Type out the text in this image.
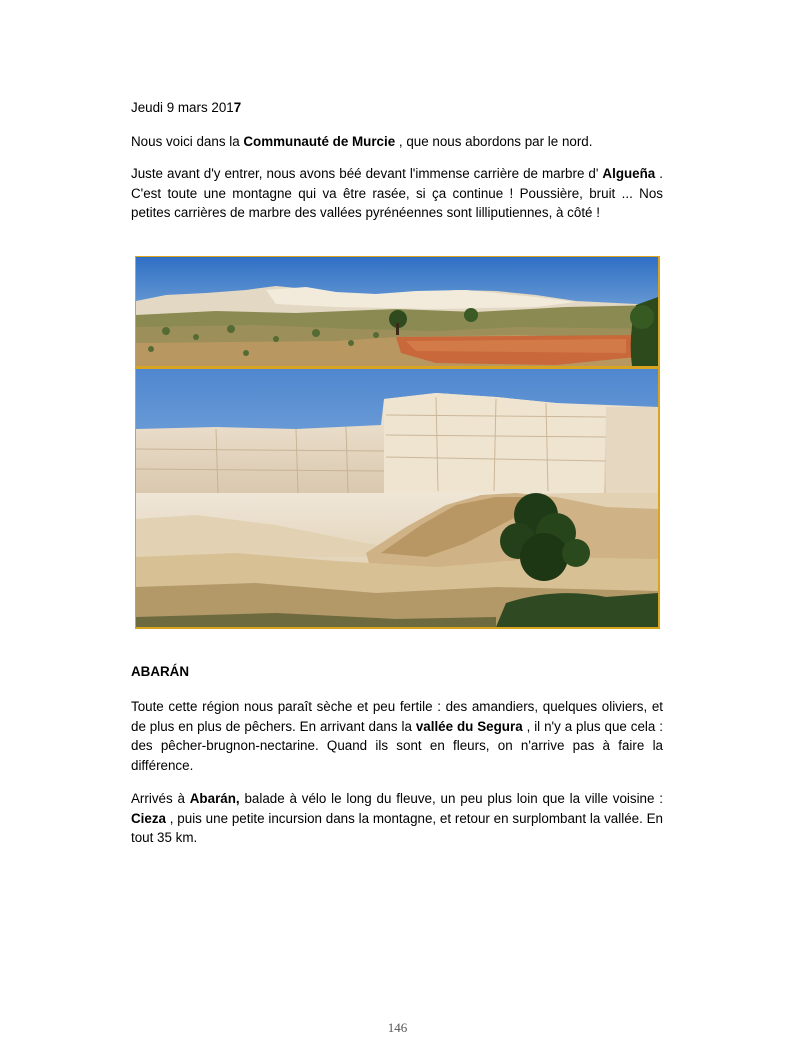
Jeudi 9 mars 2017

Nous voici dans la Communauté de Murcie , que nous abordons par le nord.

Juste avant d'y entrer, nous avons béé devant l'immense carrière de marbre d' Algueña . C'est toute une montagne qui va être rasée, si ça continue ! Poussière, bruit ... Nos petites carrières de marbre des vallées pyrénéennes sont lilliputiennes, à côté !

ABARÁN

Toute cette région nous paraît sèche et peu fertile : des amandiers, quelques oliviers, et de plus en plus de pêchers. En arrivant dans la vallée du Segura , il n'y a plus que cela : des pêcher-brugnon-nectarine. Quand ils sont en fleurs, on n'arrive pas à faire la différence.

Arrivés à Abarán, balade à vélo le long du fleuve, un peu plus loin que la ville voisine : Cieza , puis une petite incursion dans la montagne, et retour en surplombant la vallée. En tout 35 km.

146
